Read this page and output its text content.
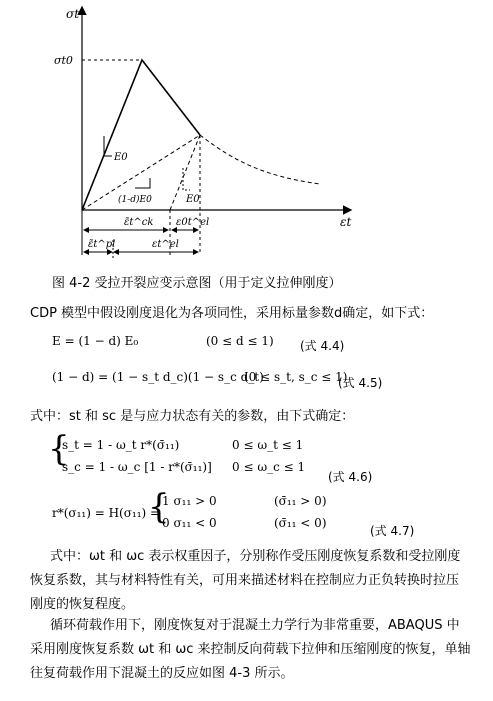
σt
σt0
εt
E0
(1-d)E0	E0
ε̃t^ck ε0t^el
ε̃t^pl	εt^el
图 4-2 受拉开裂应变示意图（用于定义拉伸刚度）
CDP 模型中假设刚度退化为各项同性，采用标量参数d确定，如下式：
E = (1 − d) E₀	(0 ≤ d ≤ 1) (式 4.4)
(1 − d) = (1 − s_t d_c)(1 − s_c d_t)
(0 ≤ s_t, s_c ≤ 1)
(式 4.5)
式中：st 和 sc 是与应力状态有关的参数，由下式确定：
{
s_t = 1 - ω_t r*(σ̄₁₁)	0 ≤ ω_t ≤ 1
s_c = 1 - ω_c [1 - r*(σ̄₁₁)] 0 ≤ ω_c ≤ 1
(式 4.6)
r*(σ₁₁) = H(σ₁₁) =
{
1 σ₁₁ > 0	(σ̄₁₁ > 0)
0 σ₁₁ < 0	(σ̄₁₁ < 0)
(式 4.7)
式中：ωt 和 ωc 表示权重因子，分别称作受压刚度恢复系数和受拉刚度恢复系数，其与材料特性有关，可用来描述材料在控制应力正负转换时拉压刚度的恢复程度。
循环荷载作用下，刚度恢复对于混凝土力学行为非常重要，ABAQUS 中采用刚度恢复系数 ωt 和 ωc 来控制反向荷载下拉伸和压缩刚度的恢复，单轴往复荷载作用下混凝土的反应如图 4-3 所示。
